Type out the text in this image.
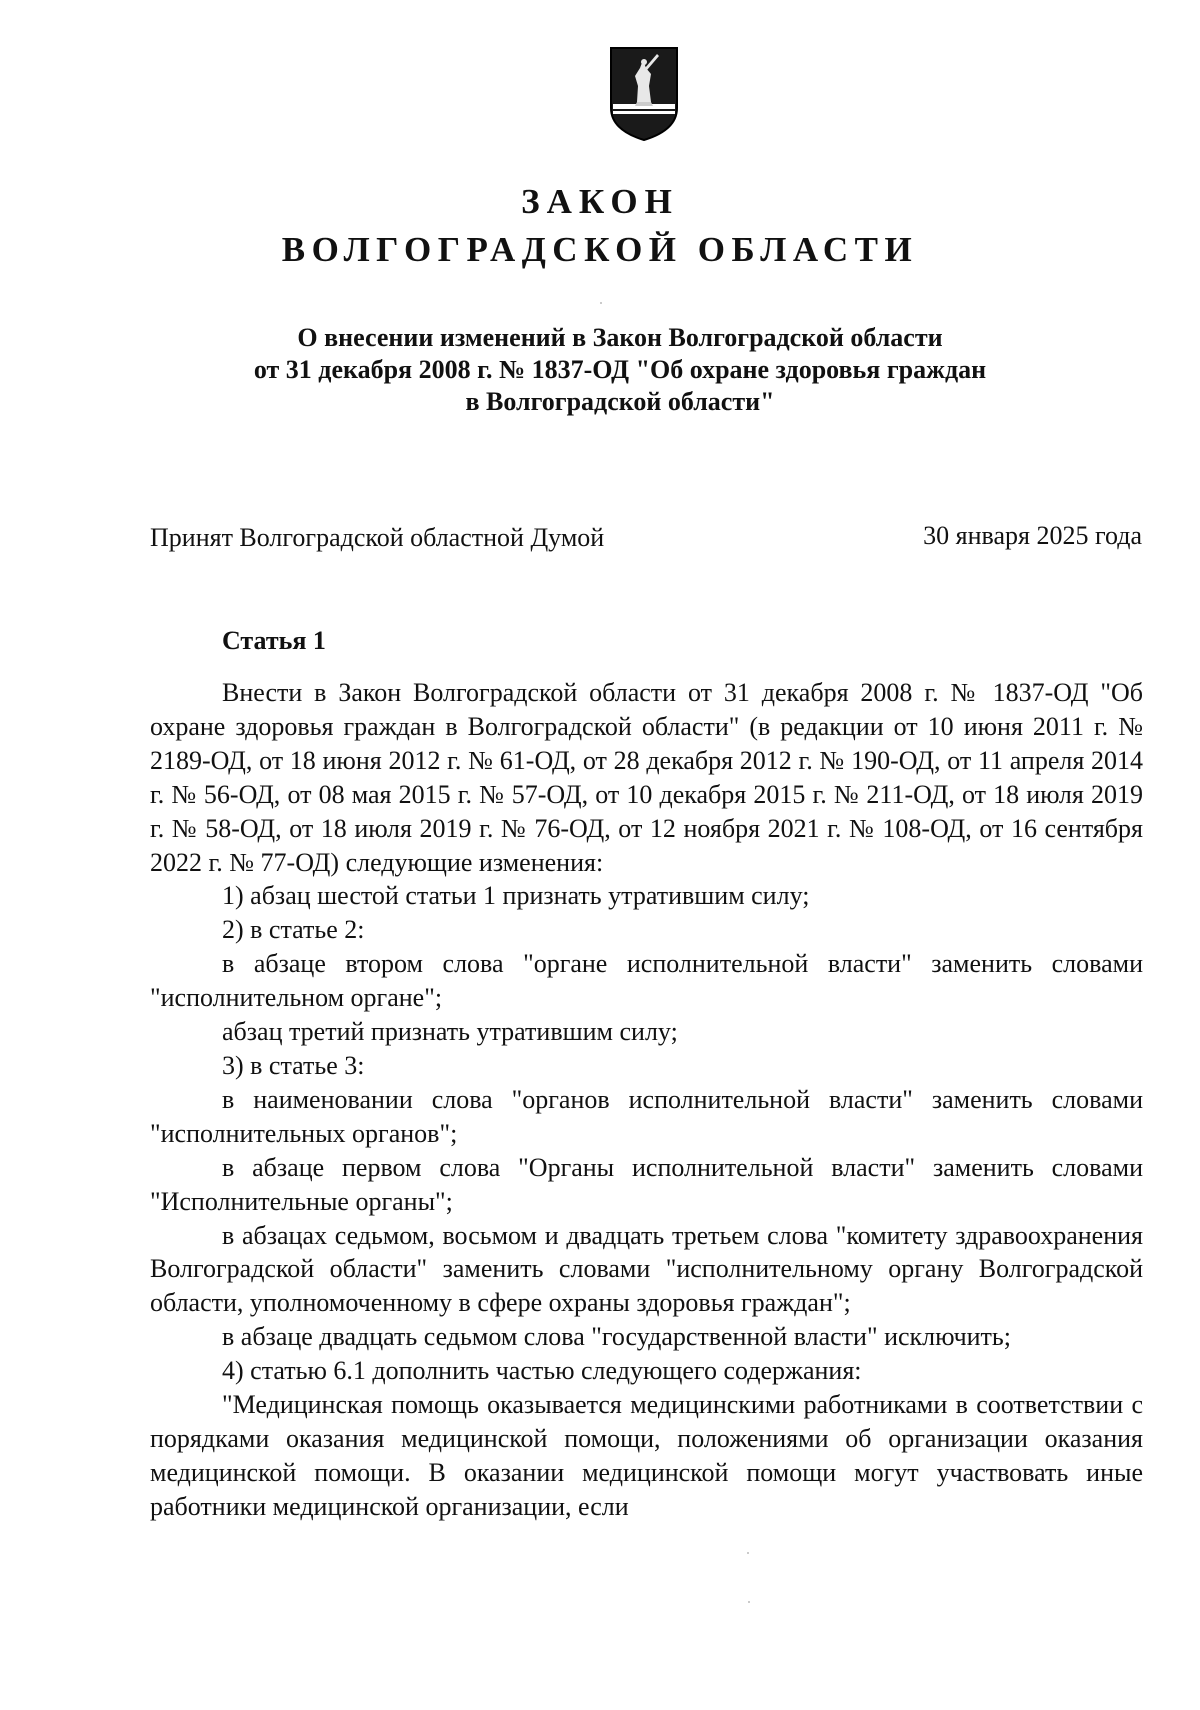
ЗАКОН
ВОЛГОГРАДСКОЙ ОБЛАСТИ
О внесении изменений в Закон Волгоградской области
от 31 декабря 2008 г. № 1837-ОД "Об охране здоровья граждан
в Волгоградской области"
Принят Волгоградской областной Думой	30 января 2025 года
Статья 1

Внести в Закон Волгоградской области от 31 декабря 2008 г. № 1837-ОД "Об охране здоровья граждан в Волгоградской области" (в редакции от 10 июня 2011 г. № 2189-ОД, от 18 июня 2012 г. № 61-ОД, от 28 декабря 2012 г. № 190-ОД, от 11 апреля 2014 г. № 56-ОД, от 08 мая 2015 г. № 57-ОД, от 10 декабря 2015 г. № 211-ОД, от 18 июля 2019 г. № 58-ОД, от 18 июля 2019 г. № 76-ОД, от 12 ноября 2021 г. № 108-ОД, от 16 сентября 2022 г. № 77-ОД) следующие изменения:

1) абзац шестой статьи 1 признать утратившим силу;

2) в статье 2:

в абзаце втором слова "органе исполнительной власти" заменить словами "исполнительном органе";

абзац третий признать утратившим силу;

3) в статье 3:

в наименовании слова "органов исполнительной власти" заменить словами "исполнительных органов";

в абзаце первом слова "Органы исполнительной власти" заменить словами "Исполнительные органы";

в абзацах седьмом, восьмом и двадцать третьем слова "комитету здравоохранения Волгоградской области" заменить словами "исполнительному органу Волгоградской области, уполномоченному в сфере охраны здоровья граждан";

в абзаце двадцать седьмом слова "государственной власти" исключить;

4) статью 6.1 дополнить частью следующего содержания:

"Медицинская помощь оказывается медицинскими работниками в соответствии с порядками оказания медицинской помощи, положениями об организации оказания медицинской помощи. В оказании медицинской помощи могут участвовать иные работники медицинской организации, если
